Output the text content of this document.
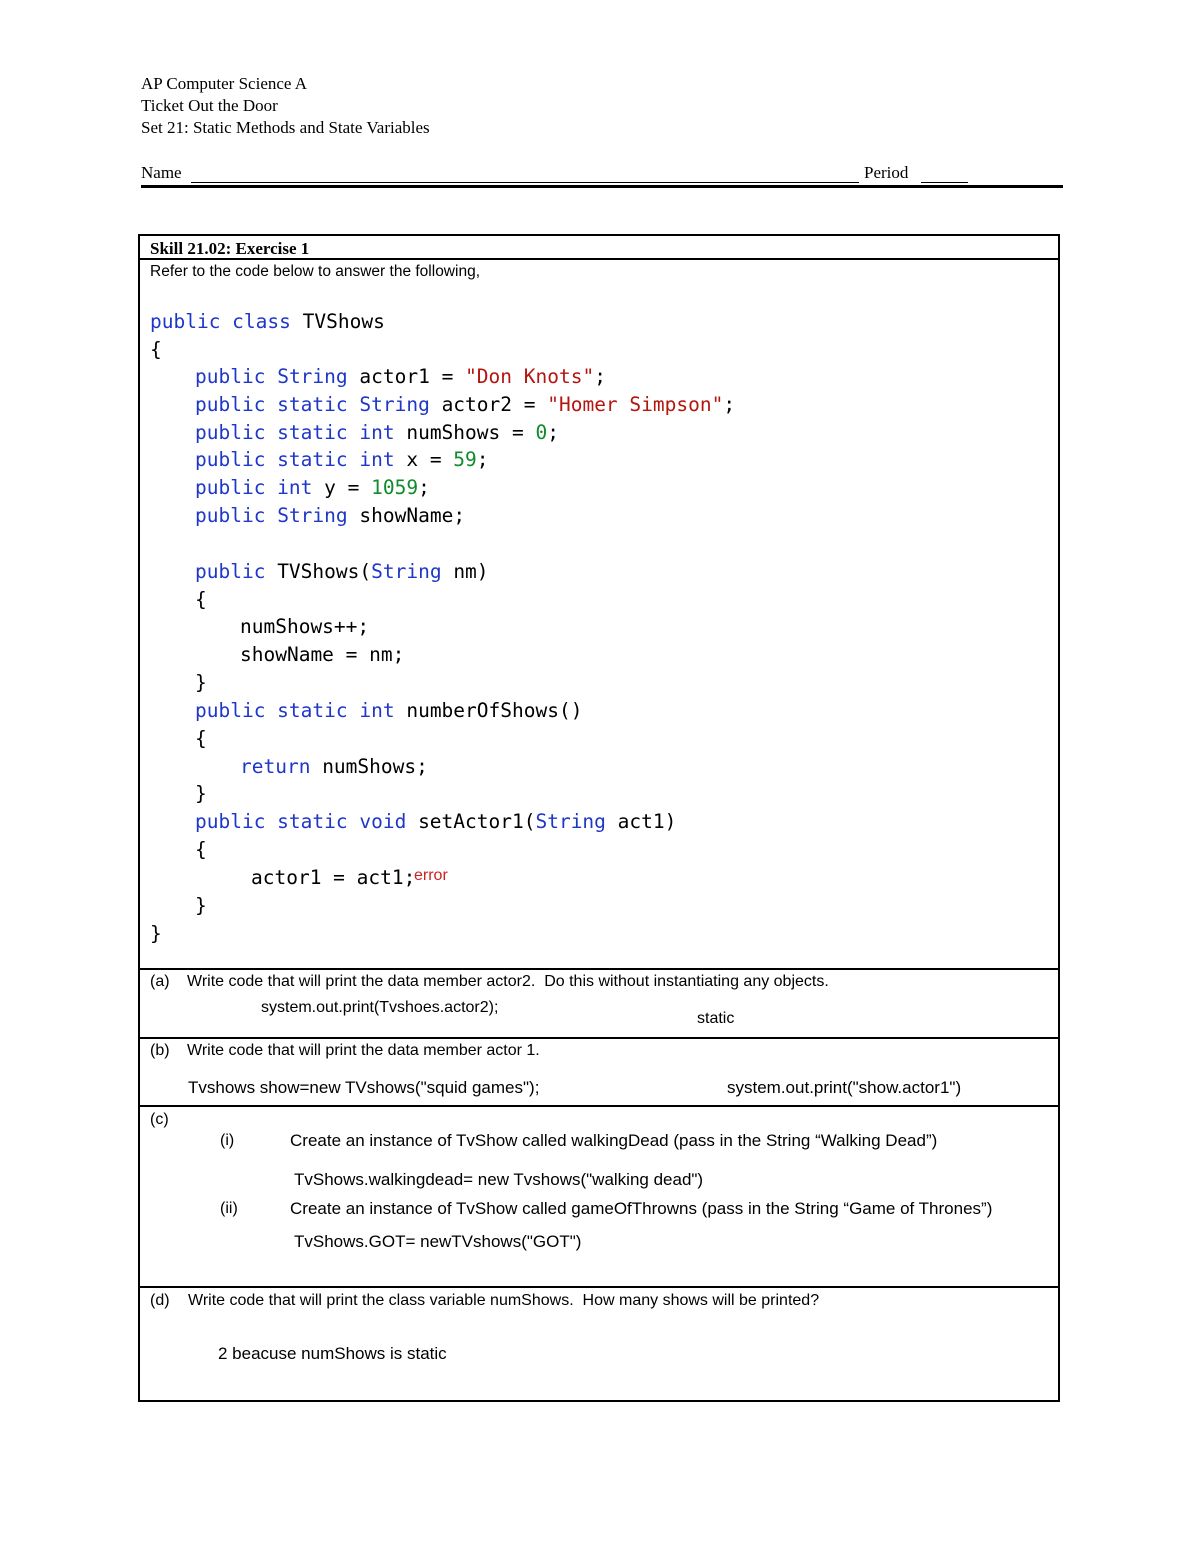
AP Computer Science A
Ticket Out the Door
Set 21: Static Methods and State Variables
Name	Period
Skill 21.02: Exercise 1
Refer to the code below to answer the following,
public class TVShows
{
public String actor1 = "Don Knots";
public static String actor2 = "Homer Simpson";
public static int numShows = 0;
public static int x = 59;
public int y = 1059;
public String showName;
public TVShows(String nm)
{
numShows++;
showName = nm;
}
public static int numberOfShows()
{
return numShows;
}
public static void setActor1(String act1)
{
actor1 = act1;
}
}
error
(a) Write code that will print the data member actor2.  Do this without instantiating any objects.
system.out.print(Tvshoes.actor2);
static
(b) Write code that will print the data member actor 1.
Tvshows show=new TVshows("squid games");	system.out.print("show.actor1")
(c)
(i)	Create an instance of TvShow called walkingDead (pass in the String “Walking Dead”)
TvShows.walkingdead= new Tvshows("walking dead")
(ii)	Create an instance of TvShow called gameOfThrowns (pass in the String “Game of Thrones”)
TvShows.GOT= newTVshows("GOT")
(d) Write code that will print the class variable numShows.  How many shows will be printed?
2 beacuse numShows is static
